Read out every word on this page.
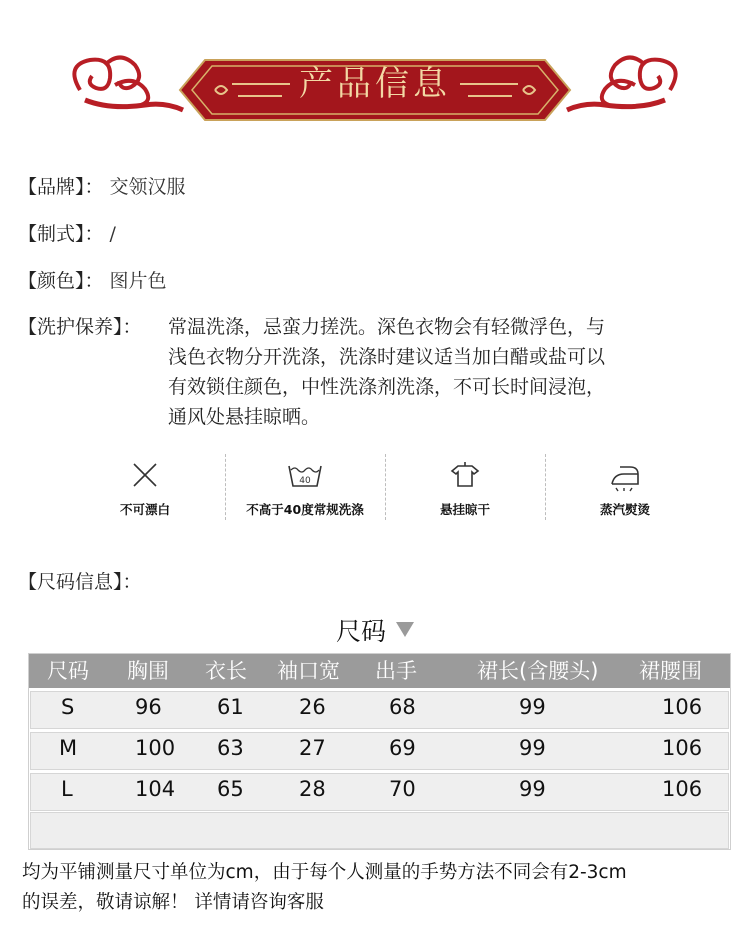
产品信息
【品牌】： 交领汉服
【制式】： /
【颜色】： 图片色
【洗护保养】： 常温洗涤，忌蛮力搓洗。深色衣物会有轻微浮色，与
浅色衣物分开洗涤，洗涤时建议适当加白醋或盐可以
有效锁住颜色，中性洗涤剂洗涤，不可长时间浸泡，
通风处悬挂晾晒。
不可漂白
40
不高于40度常规洗涤	悬挂晾干	蒸汽熨烫
【尺码信息】：
尺码
尺码 胸围 衣长 袖口宽 出手	裙长(含腰头) 裙腰围
S	96	61	26	68	99	106
M	100 63	27	69	99	106
L	104 65	28	70	99	106
均为平铺测量尺寸单位为cm，由于每个人测量的手势方法不同会有2-3cm
的误差，敬请谅解！ 详情请咨询客服
